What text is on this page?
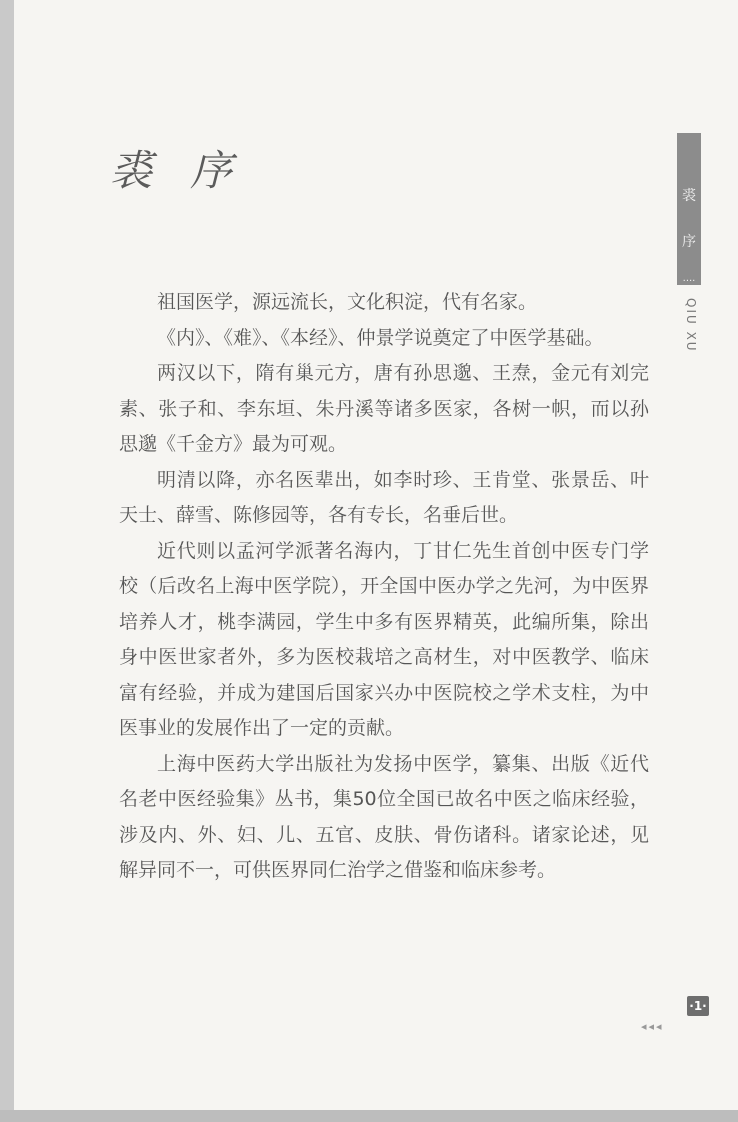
裘序

祖国医学，源远流长，文化积淀，代有名家。

《内》、《难》、《本经》、仲景学说奠定了中医学基础。

两汉以下，隋有巢元方，唐有孙思邈、王焘，金元有刘完素、张子和、李东垣、朱丹溪等诸多医家，各树一帜，而以孙思邈《千金方》最为可观。

明清以降，亦名医辈出，如李时珍、王肯堂、张景岳、叶天士、薛雪、陈修园等，各有专长，名垂后世。

近代则以孟河学派著名海内，丁甘仁先生首创中医专门学校（后改名上海中医学院），开全国中医办学之先河，为中医界培养人才，桃李满园，学生中多有医界精英，此编所集，除出身中医世家者外，多为医校栽培之高材生，对中医教学、临床富有经验，并成为建国后国家兴办中医院校之学术支柱，为中医事业的发展作出了一定的贡献。

上海中医药大学出版社为发扬中医学，纂集、出版《近代名老中医经验集》丛书，集50位全国已故名中医之临床经验，涉及内、外、妇、儿、五官、皮肤、骨伤诸科。诸家论述，见解异同不一，可供医界同仁治学之借鉴和临床参考。

裘
序
....
QIU XU
·1·
◂◂◂
